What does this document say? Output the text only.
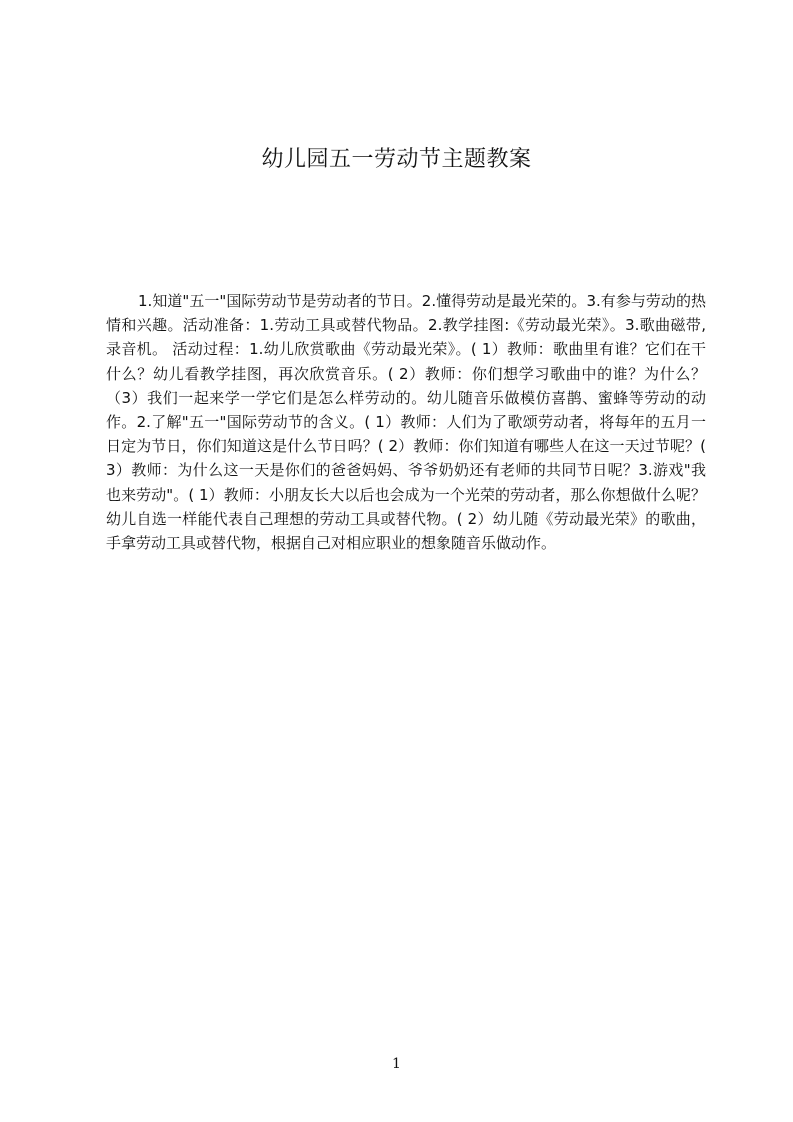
幼儿园五一劳动节主题教案

1.知道"五一"国际劳动节是劳动者的节日。2.懂得劳动是最光荣的。3.有参与劳动的热情和兴趣。活动准备：1.劳动工具或替代物品。2.教学挂图:《劳动最光荣》。3.歌曲磁带,录音机。 活动过程：1.幼儿欣赏歌曲《劳动最光荣》。( 1）教师：歌曲里有谁？它们在干什么？幼儿看教学挂图，再次欣赏音乐。( 2）教师：你们想学习歌曲中的谁？为什么？（3）我们一起来学一学它们是怎么样劳动的。幼儿随音乐做模仿喜鹊、蜜蜂等劳动的动作。2.了解"五一"国际劳动节的含义。( 1）教师：人们为了歌颂劳动者，将每年的五月一日定为节日，你们知道这是什么节日吗？( 2）教师：你们知道有哪些人在这一天过节呢？( 3）教师：为什么这一天是你们的爸爸妈妈、爷爷奶奶还有老师的共同节日呢？3.游戏"我也来劳动"。( 1）教师：小朋友长大以后也会成为一个光荣的劳动者，那么你想做什么呢？幼儿自选一样能代表自己理想的劳动工具或替代物。( 2）幼儿随《劳动最光荣》的歌曲，手拿劳动工具或替代物，根据自己对相应职业的想象随音乐做动作。

1
